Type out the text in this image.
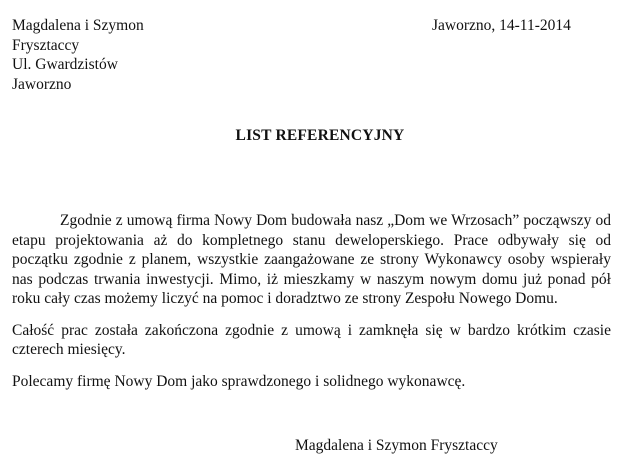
Magdalena i Szymon
Frysztaccy
Ul. Gwardzistów
Jaworzno
Jaworzno, 14-11-2014
LIST REFERENCYJNY

Zgodnie z umową firma Nowy Dom budowała nasz „Dom we Wrzosach” począwszy od etapu projektowania aż do kompletnego stanu deweloperskiego. Prace odbywały się od początku zgodnie z planem, wszystkie zaangażowane ze strony Wykonawcy osoby wspierały nas podczas trwania inwestycji. Mimo, iż mieszkamy w naszym nowym domu już ponad pół roku cały czas możemy liczyć na pomoc i doradztwo ze strony Zespołu Nowego Domu.

Całość prac została zakończona zgodnie z umową i zamknęła się w bardzo krótkim czasie czterech miesięcy.

Polecamy firmę Nowy Dom jako sprawdzonego i solidnego wykonawcę.

Magdalena i Szymon Frysztaccy
